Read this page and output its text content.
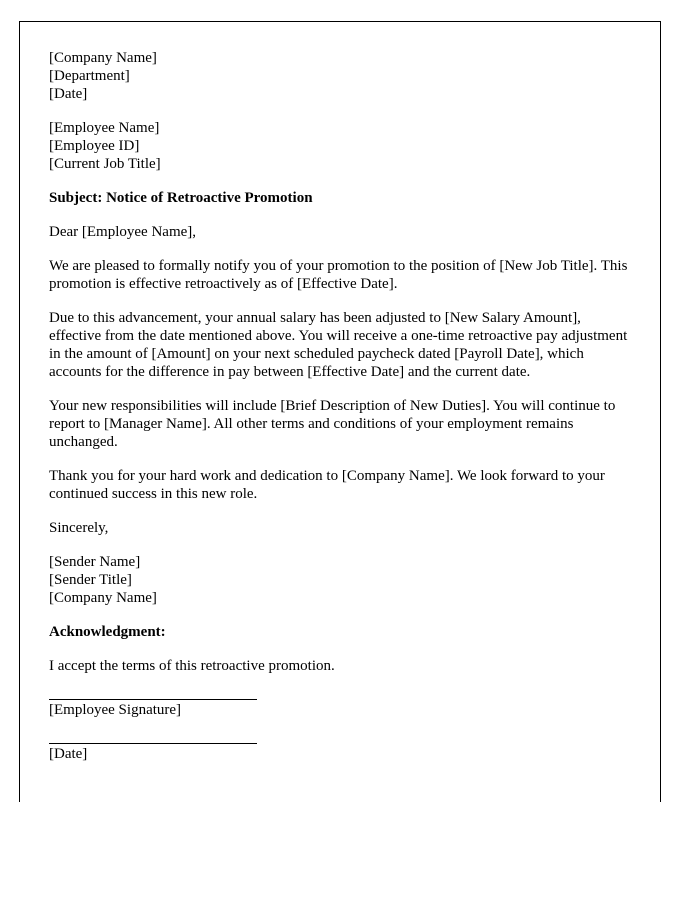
[Company Name]
[Department]
[Date]
[Employee Name]
[Employee ID]
[Current Job Title]

Subject: Notice of Retroactive Promotion

Dear [Employee Name],

We are pleased to formally notify you of your promotion to the position of [New Job Title]. This promotion is effective retroactively as of [Effective Date].

Due to this advancement, your annual salary has been adjusted to [New Salary Amount], effective from the date mentioned above. You will receive a one-time retroactive pay adjustment in the amount of [Amount] on your next scheduled paycheck dated [Payroll Date], which accounts for the difference in pay between [Effective Date] and the current date.

Your new responsibilities will include [Brief Description of New Duties]. You will continue to report to [Manager Name]. All other terms and conditions of your employment remains unchanged.

Thank you for your hard work and dedication to [Company Name]. We look forward to your continued success in this new role.

Sincerely,

[Sender Name]
[Sender Title]
[Company Name]

Acknowledgment:

I accept the terms of this retroactive promotion.

[Employee Signature]

[Date]
